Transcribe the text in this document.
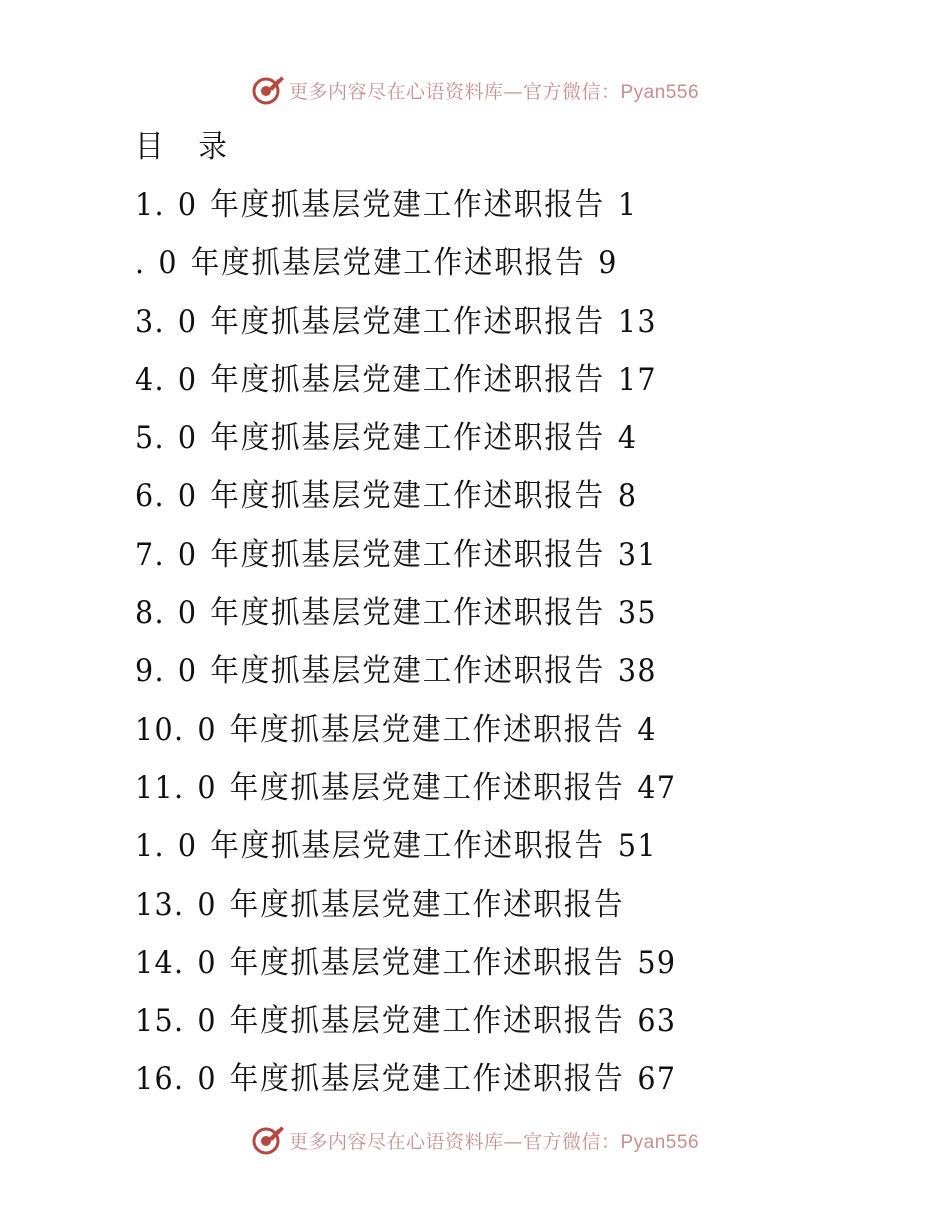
更多内容尽在心语资料库—官方微信：Pyan556
目 录
1. 0 年度抓基层党建工作述职报告 1
. 0 年度抓基层党建工作述职报告 9
3. 0 年度抓基层党建工作述职报告 13
4. 0 年度抓基层党建工作述职报告 17
5. 0 年度抓基层党建工作述职报告 4
6. 0 年度抓基层党建工作述职报告 8
7. 0 年度抓基层党建工作述职报告 31
8. 0 年度抓基层党建工作述职报告 35
9. 0 年度抓基层党建工作述职报告 38
10. 0 年度抓基层党建工作述职报告 4
11. 0 年度抓基层党建工作述职报告 47
1. 0 年度抓基层党建工作述职报告 51
13. 0 年度抓基层党建工作述职报告
14. 0 年度抓基层党建工作述职报告 59
15. 0 年度抓基层党建工作述职报告 63
16. 0 年度抓基层党建工作述职报告 67
更多内容尽在心语资料库—官方微信：Pyan556
